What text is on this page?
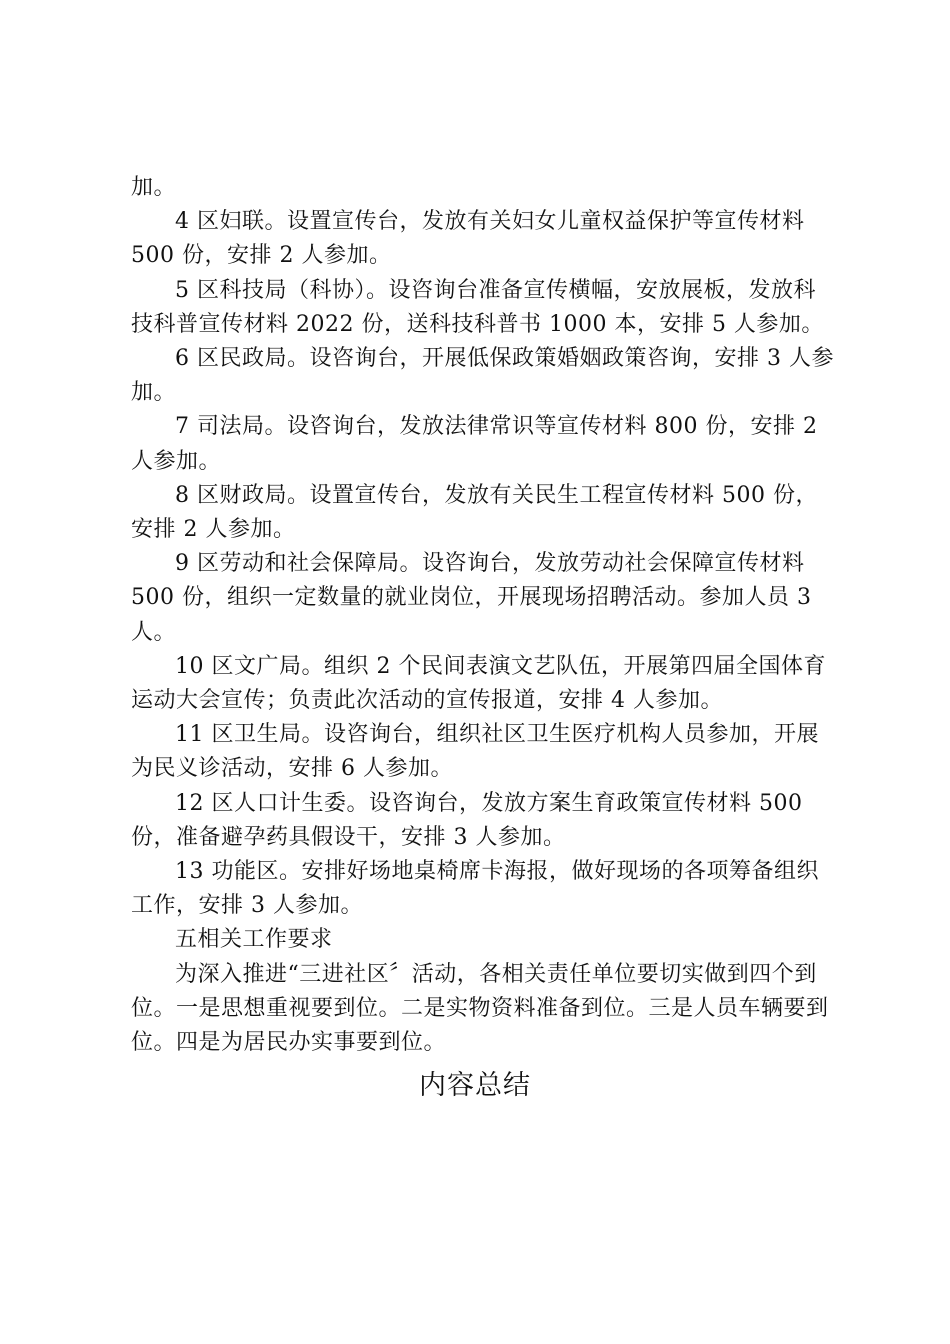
加。

4 区妇联。设置宣传台，发放有关妇女儿童权益保护等宣传材料 500 份，安排 2 人参加。

5 区科技局（科协）。设咨询台准备宣传横幅，安放展板，发放科技科普宣传材料 2022 份，送科技科普书 1000 本，安排 5 人参加。

6 区民政局。设咨询台，开展低保政策婚姻政策咨询，安排 3 人参加。

7 司法局。设咨询台，发放法律常识等宣传材料 800 份，安排 2 人参加。

8 区财政局。设置宣传台，发放有关民生工程宣传材料 500 份，安排 2 人参加。

9 区劳动和社会保障局。设咨询台，发放劳动社会保障宣传材料 500 份，组织一定数量的就业岗位，开展现场招聘活动。参加人员 3 人。

10 区文广局。组织 2 个民间表演文艺队伍，开展第四届全国体育运动大会宣传；负责此次活动的宣传报道，安排 4 人参加。

11 区卫生局。设咨询台，组织社区卫生医疗机构人员参加，开展为民义诊活动，安排 6 人参加。

12 区人口计生委。设咨询台，发放方案生育政策宣传材料 500 份，准备避孕药具假设干，安排 3 人参加。

13 功能区。安排好场地桌椅席卡海报，做好现场的各项筹备组织工作，安排 3 人参加。

五相关工作要求

为深入推进“三进社区〞活动，各相关责任单位要切实做到四个到位。一是思想重视要到位。二是实物资料准备到位。三是人员车辆要到位。四是为居民办实事要到位。

内容总结
